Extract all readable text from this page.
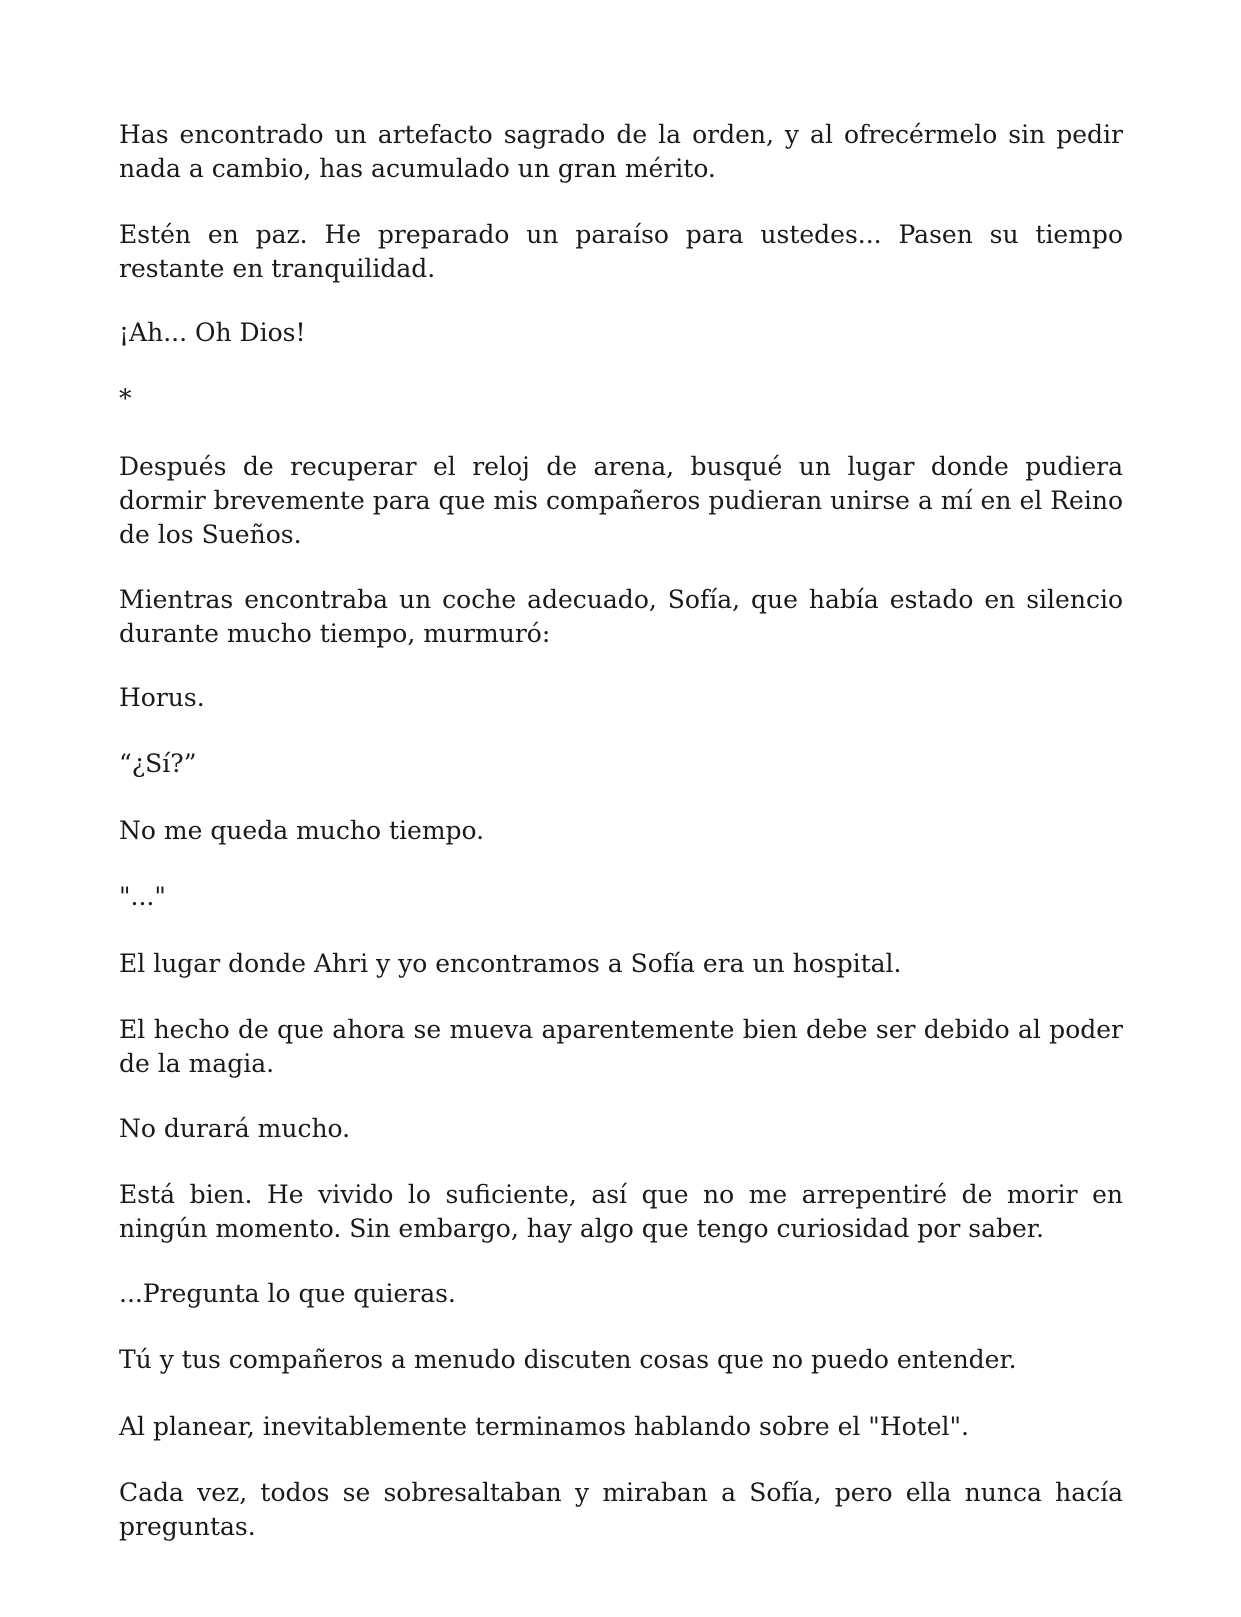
Has encontrado un artefacto sagrado de la orden, y al ofrecérmelo sin pedir nada a cambio, has acumulado un gran mérito.

Estén en paz. He preparado un paraíso para ustedes... Pasen su tiempo restante en tranquilidad.

¡Ah... Oh Dios!

*

Después de recuperar el reloj de arena, busqué un lugar donde pudiera dormir brevemente para que mis compañeros pudieran unirse a mí en el Reino de los Sueños.

Mientras encontraba un coche adecuado, Sofía, que había estado en silencio durante mucho tiempo, murmuró:

Horus.

“¿Sí?”

No me queda mucho tiempo.

"..."

El lugar donde Ahri y yo encontramos a Sofía era un hospital.

El hecho de que ahora se mueva aparentemente bien debe ser debido al poder de la magia.

No durará mucho.

Está bien. He vivido lo suficiente, así que no me arrepentiré de morir en ningún momento. Sin embargo, hay algo que tengo curiosidad por saber.

...Pregunta lo que quieras.

Tú y tus compañeros a menudo discuten cosas que no puedo entender.

Al planear, inevitablemente terminamos hablando sobre el "Hotel".

Cada vez, todos se sobresaltaban y miraban a Sofía, pero ella nunca hacía preguntas.
